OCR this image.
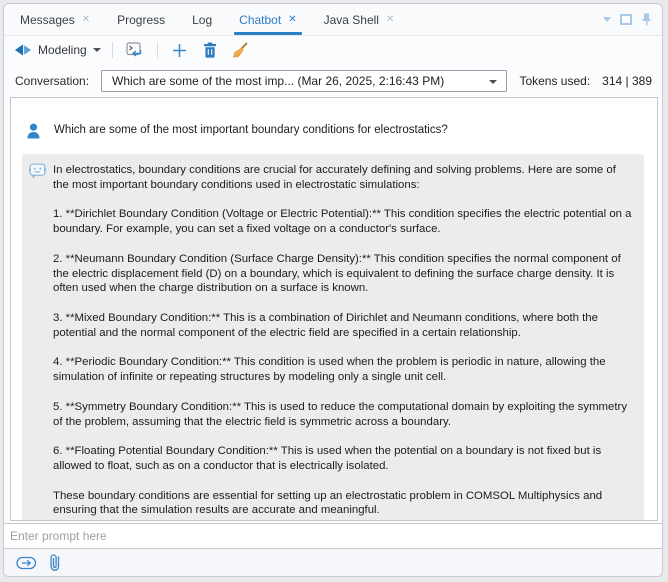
Messages ✕ Progress Log Chatbot ✕ Java Shell ✕
Modeling
Conversation: Which are some of the most imp... (Mar 26, 2025, 2:16:43 PM)	Tokens used: 314 | 389
Which are some of the most important boundary conditions for electrostatics?

In electrostatics, boundary conditions are crucial for accurately defining and solving problems. Here are some of the most important boundary conditions used in electrostatic simulations:

1. **Dirichlet Boundary Condition (Voltage or Electric Potential):** This condition specifies the electric potential on a boundary. For example, you can set a fixed voltage on a conductor's surface.

2. **Neumann Boundary Condition (Surface Charge Density):** This condition specifies the normal component of the electric displacement field (D) on a boundary, which is equivalent to defining the surface charge density. It is often used when the charge distribution on a surface is known.

3. **Mixed Boundary Condition:** This is a combination of Dirichlet and Neumann conditions, where both the potential and the normal component of the electric field are specified in a certain relationship.

4. **Periodic Boundary Condition:** This condition is used when the problem is periodic in nature, allowing the simulation of infinite or repeating structures by modeling only a single unit cell.

5. **Symmetry Boundary Condition:** This is used to reduce the computational domain by exploiting the symmetry of the problem, assuming that the electric field is symmetric across a boundary.

6. **Floating Potential Boundary Condition:** This is used when the potential on a boundary is not fixed but is allowed to float, such as on a conductor that is electrically isolated.

These boundary conditions are essential for setting up an electrostatic problem in COMSOL Multiphysics and ensuring that the simulation results are accurate and meaningful.

Enter prompt here
